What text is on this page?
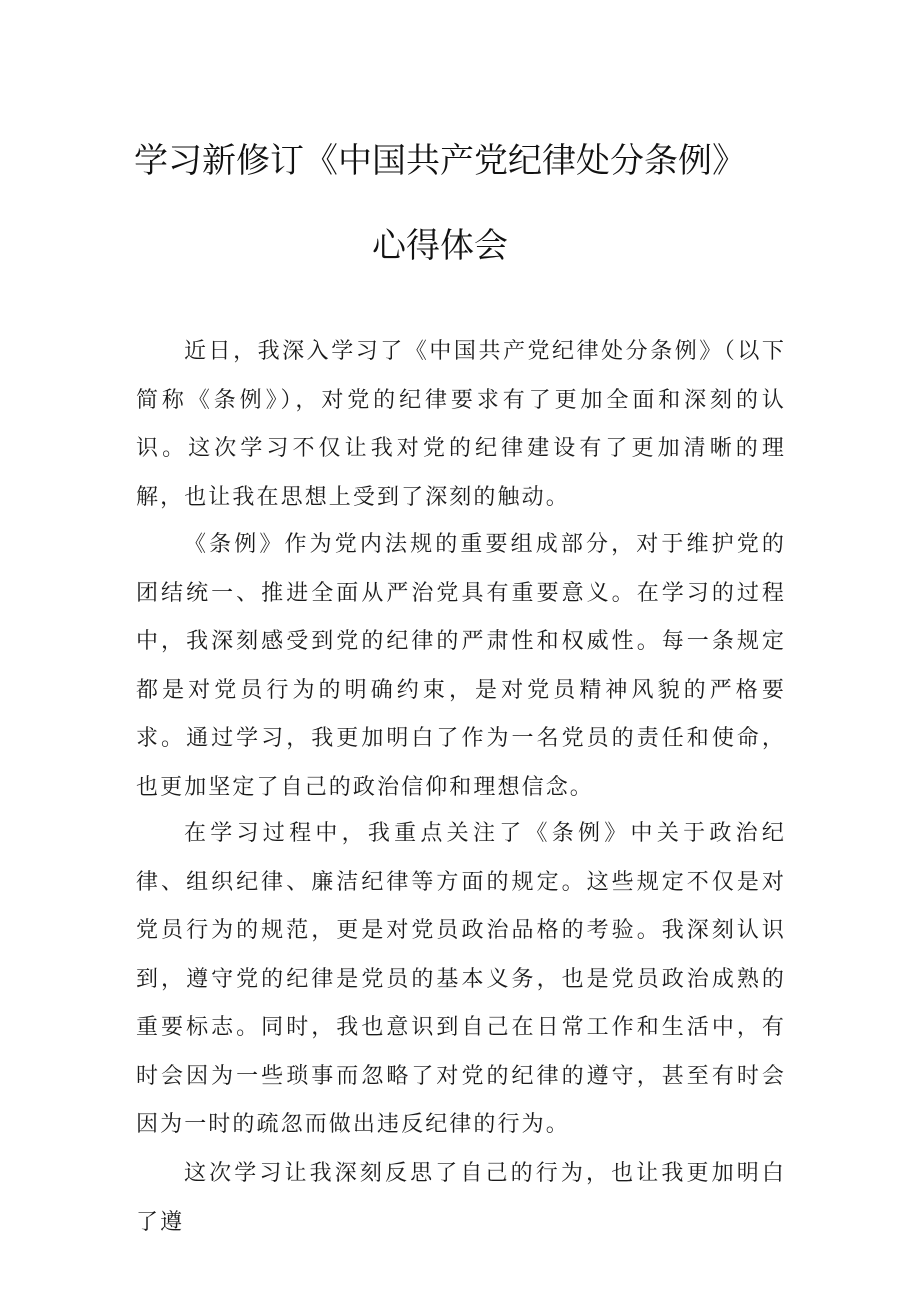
学习新修订《中国共产党纪律处分条例》
心得体会

近日，我深入学习了《中国共产党纪律处分条例》（以下简称《条例》），对党的纪律要求有了更加全面和深刻的认识。这次学习不仅让我对党的纪律建设有了更加清晰的理解，也让我在思想上受到了深刻的触动。

《条例》作为党内法规的重要组成部分，对于维护党的团结统一、推进全面从严治党具有重要意义。在学习的过程中，我深刻感受到党的纪律的严肃性和权威性。每一条规定都是对党员行为的明确约束，是对党员精神风貌的严格要求。通过学习，我更加明白了作为一名党员的责任和使命，也更加坚定了自己的政治信仰和理想信念。

在学习过程中，我重点关注了《条例》中关于政治纪律、组织纪律、廉洁纪律等方面的规定。这些规定不仅是对党员行为的规范，更是对党员政治品格的考验。我深刻认识到，遵守党的纪律是党员的基本义务，也是党员政治成熟的重要标志。同时，我也意识到自己在日常工作和生活中，有时会因为一些琐事而忽略了对党的纪律的遵守，甚至有时会因为一时的疏忽而做出违反纪律的行为。

这次学习让我深刻反思了自己的行为，也让我更加明白了遵
